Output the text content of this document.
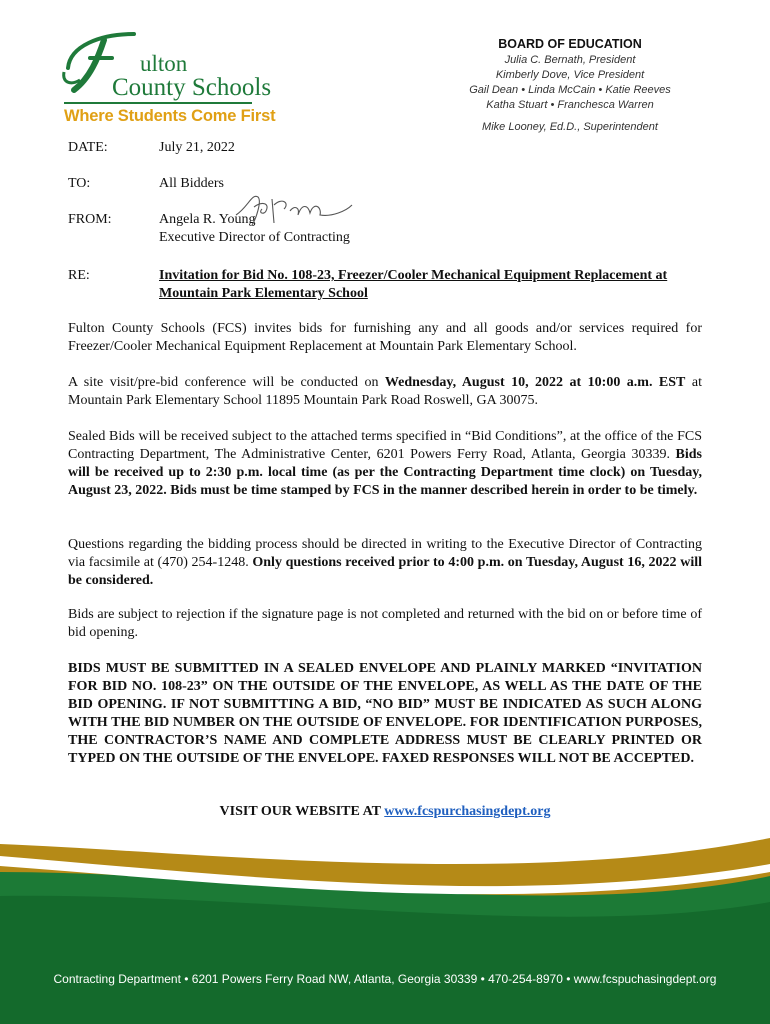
ulton
County Schools
Where Students Come First
BOARD OF EDUCATION
Julia C. Bernath, President
Kimberly Dove, Vice President
Gail Dean • Linda McCain • Katie Reeves
Katha Stuart • Franchesca Warren
Mike Looney, Ed.D., Superintendent
DATE:	July 21, 2022
TO:	All Bidders
FROM:	Angela R. Young
Executive Director of Contracting
RE:	Invitation for Bid No. 108-23, Freezer/Cooler Mechanical Equipment Replacement at Mountain Park Elementary School

Fulton County Schools (FCS) invites bids for furnishing any and all goods and/or services required for Freezer/Cooler Mechanical Equipment Replacement at Mountain Park Elementary School.

A site visit/pre-bid conference will be conducted on Wednesday, August 10, 2022 at 10:00 a.m. EST at Mountain Park Elementary School 11895 Mountain Park Road Roswell, GA 30075.

Sealed Bids will be received subject to the attached terms specified in “Bid Conditions”, at the office of the FCS Contracting Department, The Administrative Center, 6201 Powers Ferry Road, Atlanta, Georgia 30339. Bids will be received up to 2:30 p.m. local time (as per the Contracting Department time clock) on Tuesday, August 23, 2022. Bids must be time stamped by FCS in the manner described herein in order to be timely.

Questions regarding the bidding process should be directed in writing to the Executive Director of Contracting via facsimile at (470) 254-1248. Only questions received prior to 4:00 p.m. on Tuesday, August 16, 2022 will be considered.

Bids are subject to rejection if the signature page is not completed and returned with the bid on or before time of bid opening.

BIDS MUST BE SUBMITTED IN A SEALED ENVELOPE AND PLAINLY MARKED “INVITATION FOR BID NO. 108-23” ON THE OUTSIDE OF THE ENVELOPE, AS WELL AS THE DATE OF THE BID OPENING. IF NOT SUBMITTING A BID, “NO BID” MUST BE INDICATED AS SUCH ALONG WITH THE BID NUMBER ON THE OUTSIDE OF ENVELOPE. FOR IDENTIFICATION PURPOSES, THE CONTRACTOR’S NAME AND COMPLETE ADDRESS MUST BE CLEARLY PRINTED OR TYPED ON THE OUTSIDE OF THE ENVELOPE. FAXED RESPONSES WILL NOT BE ACCEPTED.

VISIT OUR WEBSITE AT www.fcspurchasingdept.org
Contracting Department • 6201 Powers Ferry Road NW, Atlanta, Georgia 30339 • 470-254-8970 • www.fcspuchasingdept.org
